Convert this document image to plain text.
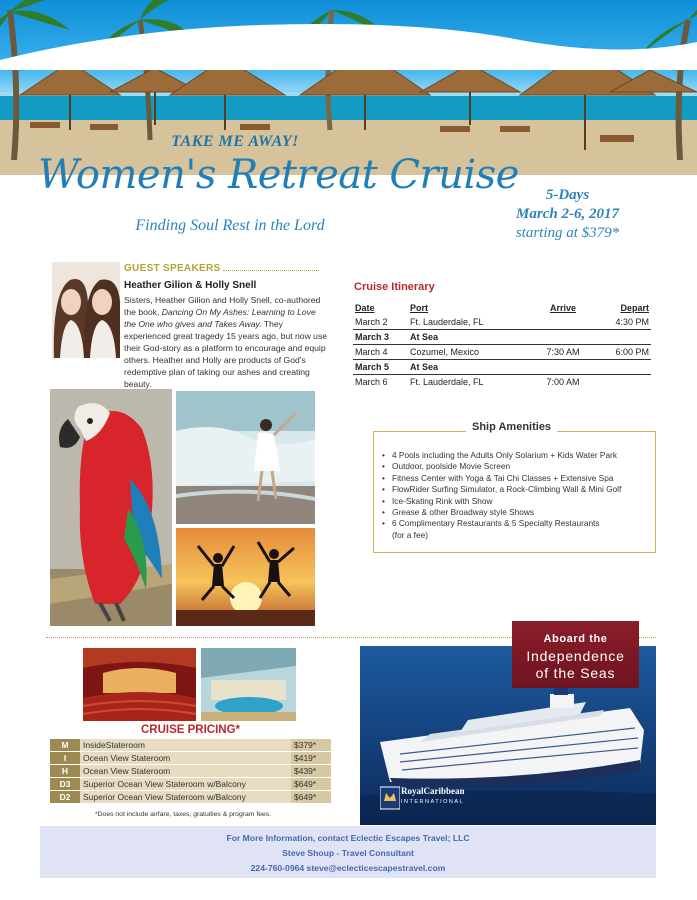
TAKE ME AWAY!
Women's Retreat Cruise
Finding Soul Rest in the Lord
5-Days
March 2-6, 2017
starting at $379*
GUEST SPEAKERS
Heather Gilion & Holly Snell
Sisters, Heather Gilion and Holly Snell, co-authored the book, Dancing On My Ashes: Learning to Love the One who gives and Takes Away. They experienced great tragedy 15 years ago, but now use their God-story as a platform to encourage and equip others. Heather and Holly are products of God's redemptive plan of taking our ashes and creating beauty.
Cruise Itinerary
Date	Port	Arrive	Depart
March 2	Ft. Lauderdale, FL		4:30 PM
March 3	At Sea		
March 4	Cozumel, Mexico	7:30 AM	6:00 PM
March 5	At Sea		
March 6	Ft. Lauderdale, FL	7:00 AM	
Ship Amenities
• 4 Pools including the Adults Only Solarium + Kids Water Park
• Outdoor, poolside Movie Screen
• Fitness Center with Yoga & Tai Chi Classes + Extensive Spa
• FlowRider Surfing Simulator, a Rock-Climbing Wall & Mini Golf
• Ice-Skating Rink with Show
• Grease & other Broadway style Shows
• 6 Complimentary Restaurants & 5 Specialty Restaurants
(for a fee)
CRUISE PRICING*
M	InsideStateroom	$379*
I	Ocean View Stateroom	$419*
H	Ocean View Stateroom	$439*
D3	Superior Ocean View Stateroom w/Balcony	$649*
D2	Superior Ocean View Stateroom w/Balcony	$649*
*Does not include airfare, taxes, gratuities & program fees.
Aboard the
Independence
of the Seas
RoyalCaribbean
INTERNATIONAL
For More Information, contact Eclectic Escapes Travel; LLC
Steve Shoup - Travel Consultant
224-760-0964 steve@eclecticescapestravel.com
